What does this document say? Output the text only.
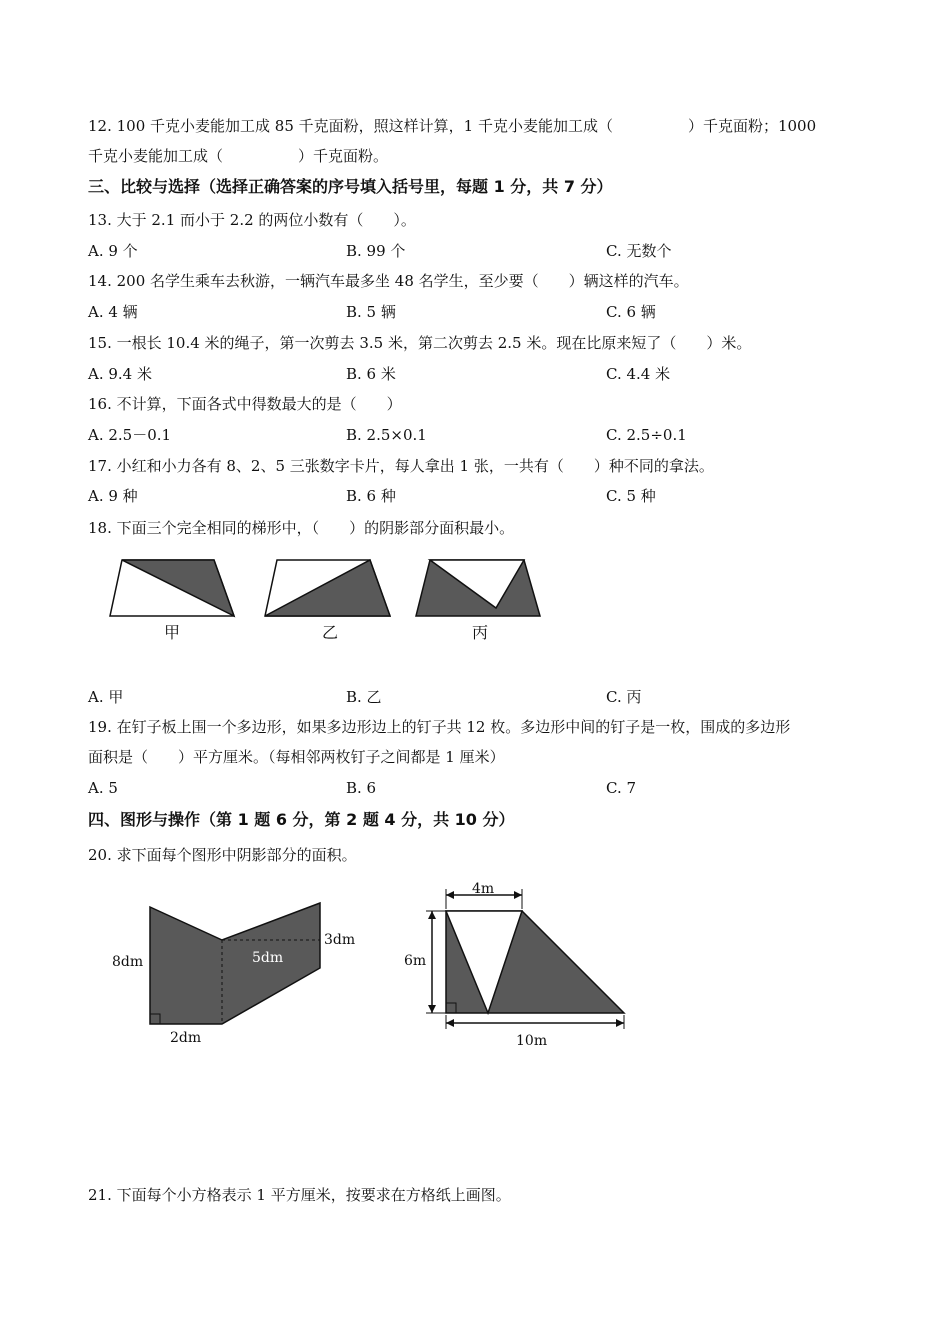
12. 100 千克小麦能加工成 85 千克面粉，照这样计算，1 千克小麦能加工成（　　　　　）千克面粉；1000
千克小麦能加工成（　　　　　）千克面粉。
三、比较与选择（选择正确答案的序号填入括号里，每题 1 分，共 7 分）
13. 大于 2.1 而小于 2.2 的两位小数有（　　）。
A. 9 个	B. 99 个	C. 无数个
14. 200 名学生乘车去秋游，一辆汽车最多坐 48 名学生，至少要（　　）辆这样的汽车。
A. 4 辆	B. 5 辆	C. 6 辆
15. 一根长 10.4 米的绳子，第一次剪去 3.5 米，第二次剪去 2.5 米。现在比原来短了（　　）米。
A. 9.4 米	B. 6 米	C. 4.4 米
16. 不计算，下面各式中得数最大的是（　　）
A. 2.5－0.1	B. 2.5×0.1	C. 2.5÷0.1
17. 小红和小力各有 8、2、5 三张数字卡片，每人拿出 1 张，一共有（　　）种不同的拿法。
A. 9 种	B. 6 种	C. 5 种
18. 下面三个完全相同的梯形中，（　　）的阴影部分面积最小。
甲	乙	丙
A. 甲	B. 乙	C. 丙
19. 在钉子板上围一个多边形，如果多边形边上的钉子共 12 枚。多边形中间的钉子是一枚，围成的多边形
面积是（　　）平方厘米。（每相邻两枚钉子之间都是 1 厘米）
A. 5	B. 6	C. 7
四、图形与操作（第 1 题 6 分，第 2 题 4 分，共 10 分）
20. 求下面每个图形中阴影部分的面积。
8dm
2dm
5dm
3dm
4m
6m
10m
21. 下面每个小方格表示 1 平方厘米，按要求在方格纸上画图。
